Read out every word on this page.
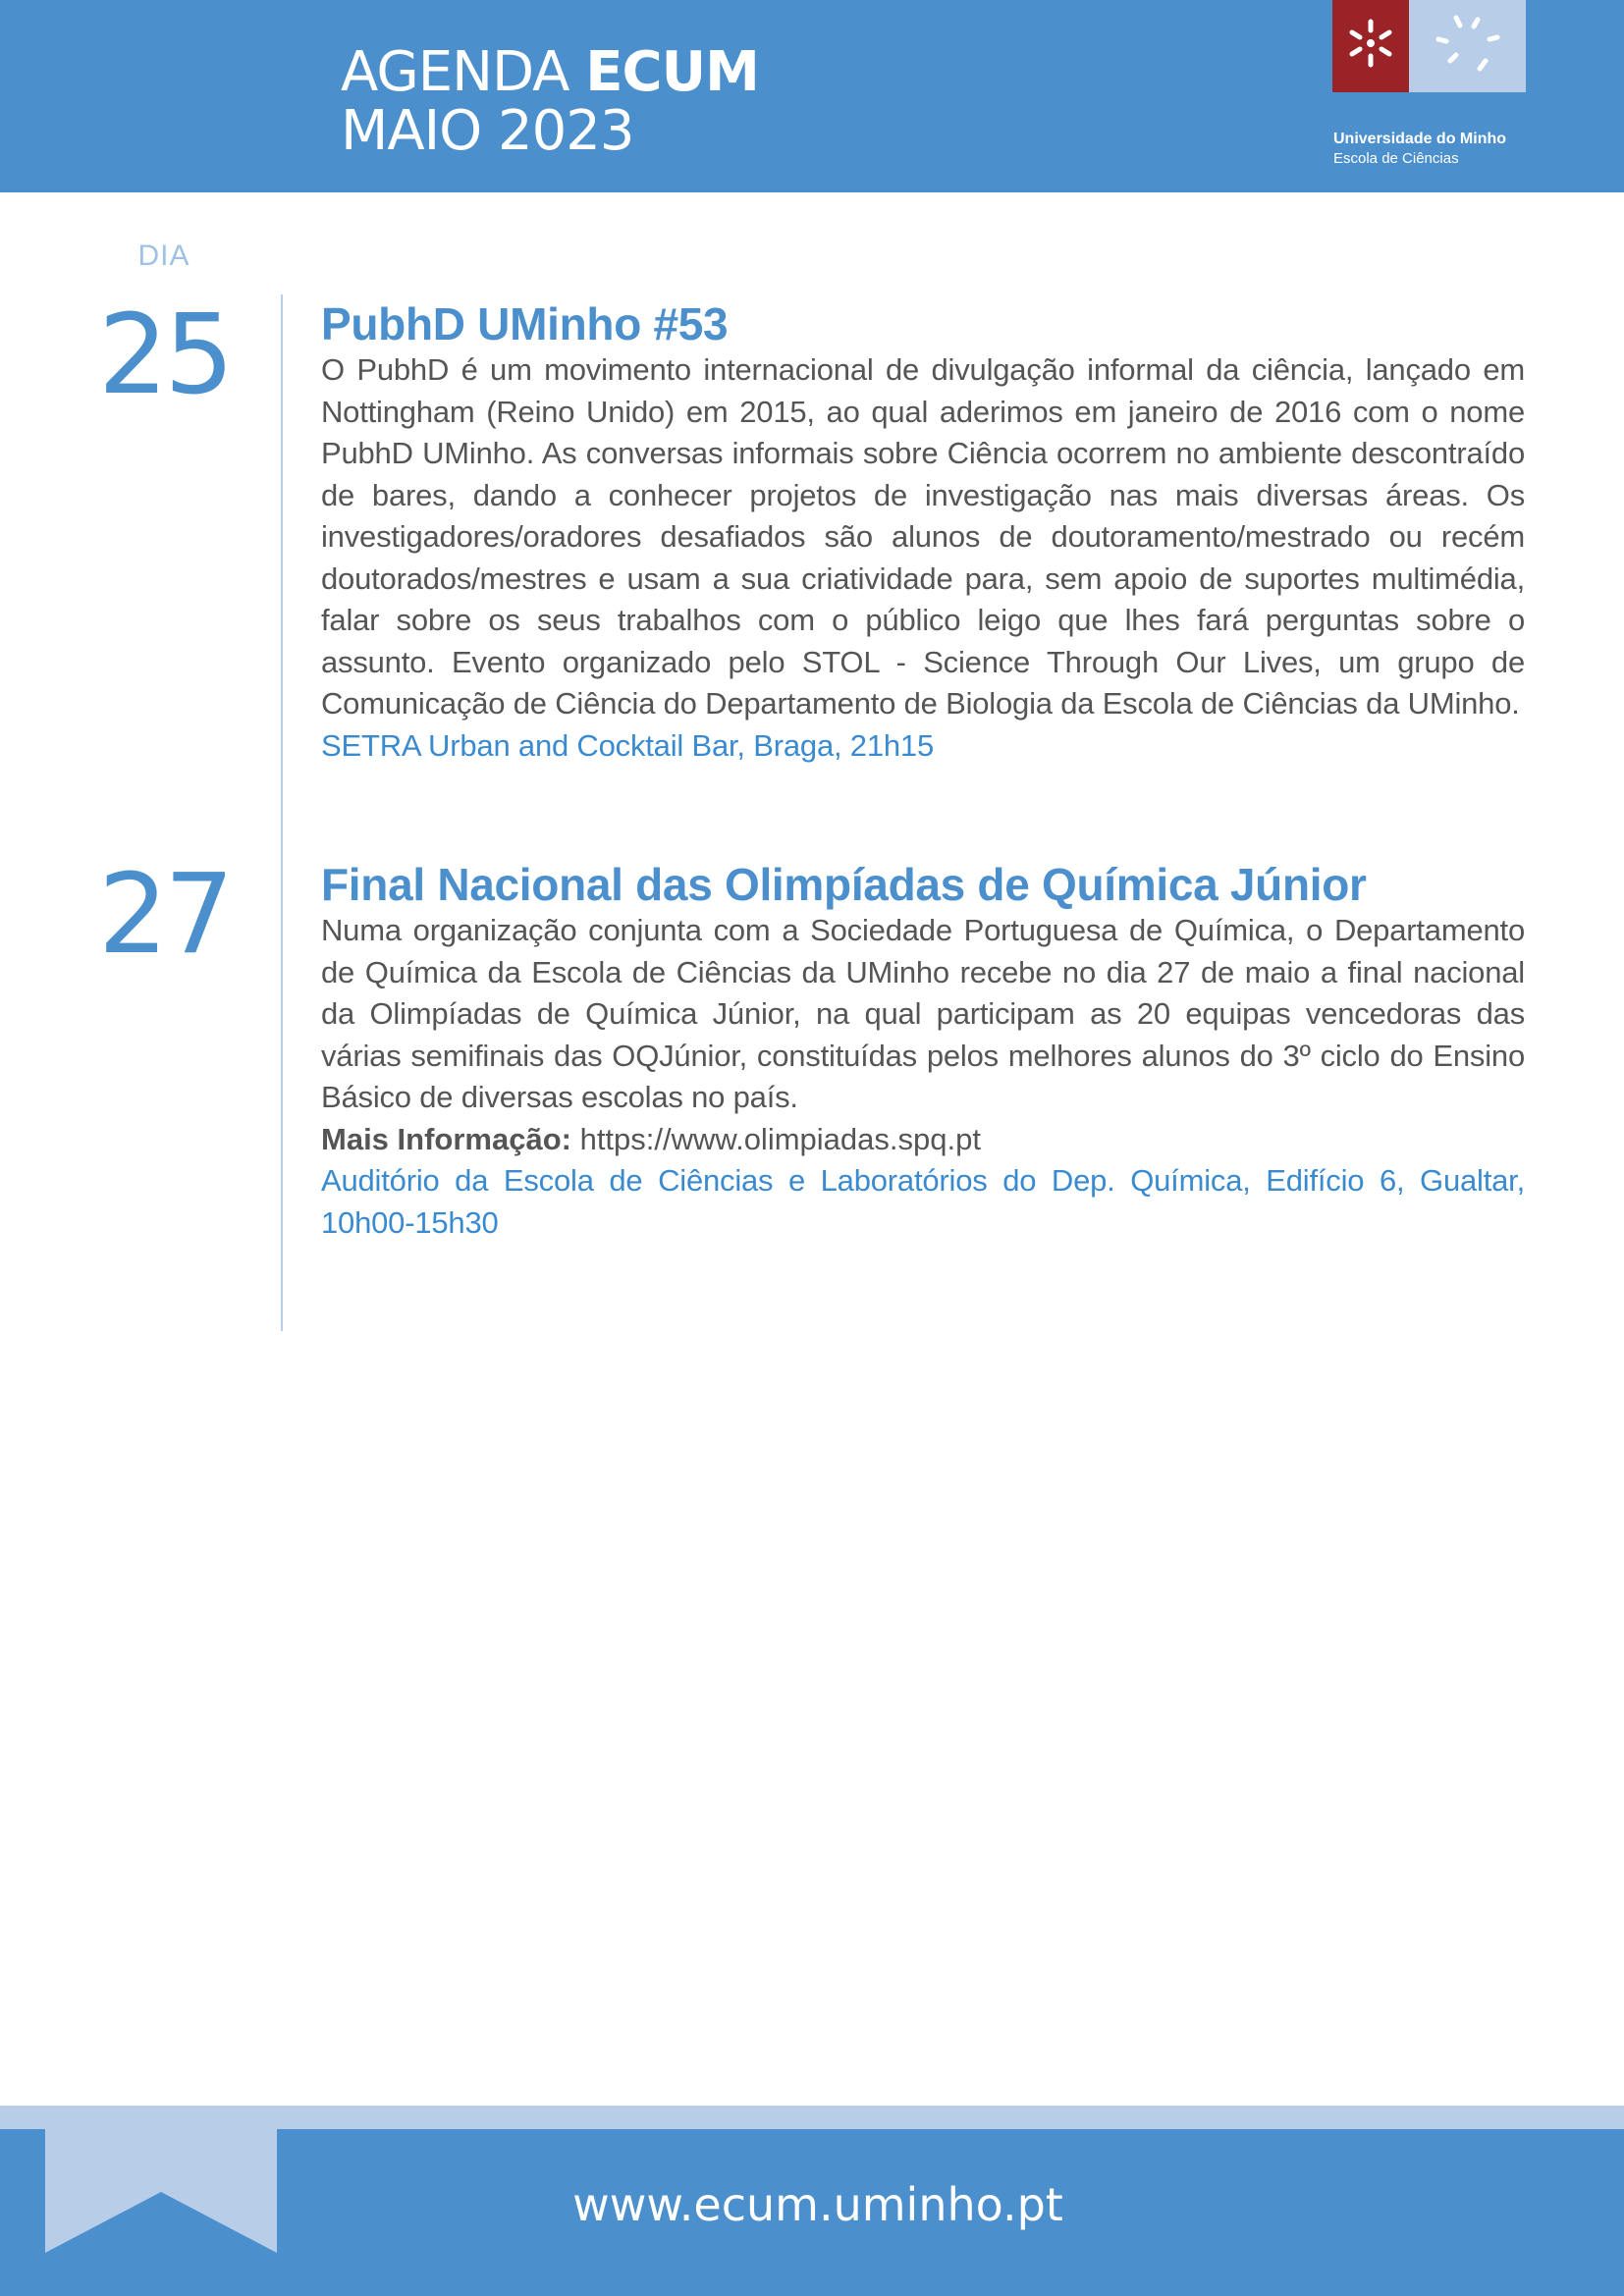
AGENDA ECUM
MAIO 2023	Universidade do Minho
Escola de Ciências
DIA
25 PubhD UMinho #53
O PubhD é um movimento internacional de divulgação informal da ciência, lançado em Nottingham (Reino Unido) em 2015, ao qual aderimos em janeiro de 2016 com o nome PubhD UMinho. As conversas informais sobre Ciência ocorrem no ambiente descontraído de bares, dando a conhecer projetos de investigação nas mais diversas áreas. Os investigadores/oradores desafiados são alunos de doutoramento/mestrado ou recém doutorados/mestres e usam a sua criatividade para, sem apoio de suportes multimédia, falar sobre os seus trabalhos com o público leigo que lhes fará perguntas sobre o assunto. Evento organizado pelo STOL - Science Through Our Lives, um grupo de Comunicação de Ciência do Departamento de Biologia da Escola de Ciências da UMinho.
SETRA Urban and Cocktail Bar, Braga, 21h15
27 Final Nacional das Olimpíadas de Química Júnior
Numa organização conjunta com a Sociedade Portuguesa de Química, o Departamento de Química da Escola de Ciências da UMinho recebe no dia 27 de maio a final nacional da Olimpíadas de Química Júnior, na qual participam as 20 equipas vencedoras das várias semifinais das OQJúnior, constituídas pelos melhores alunos do 3º ciclo do Ensino Básico de diversas escolas no país.
Mais Informação: https://www.olimpiadas.spq.pt
Auditório da Escola de Ciências e Laboratórios do Dep. Química, Edifício 6, Gualtar, 10h00-15h30
www.ecum.uminho.pt
